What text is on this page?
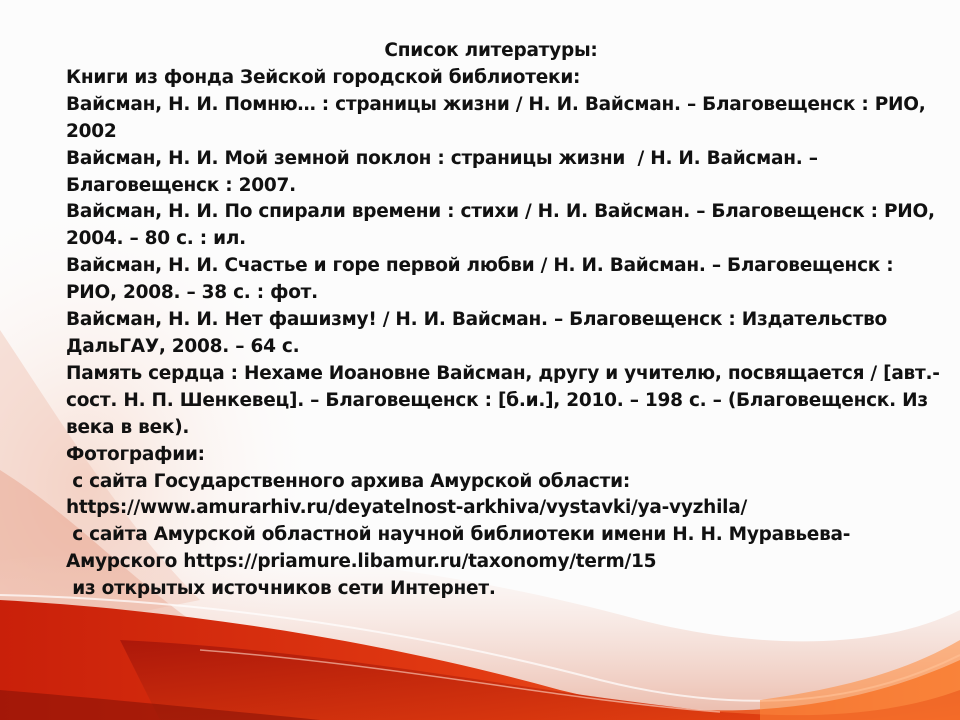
Список литературы:

Книги из фонда Зейской городской библиотеки:

Вайсман, Н. И. Помню… : страницы жизни / Н. И. Вайсман. – Благовещенск : РИО, 2002

Вайсман, Н. И. Мой земной поклон : страницы жизни  / Н. И. Вайсман. – Благовещенск : 2007.

Вайсман, Н. И. По спирали времени : стихи / Н. И. Вайсман. – Благовещенск : РИО, 2004. – 80 с. : ил.

Вайсман, Н. И. Счастье и горе первой любви / Н. И. Вайсман. – Благовещенск : РИО, 2008. – 38 с. : фот.

Вайсман, Н. И. Нет фашизму! / Н. И. Вайсман. – Благовещенск : Издательство ДальГАУ, 2008. – 64 с.

Память сердца : Нехаме Иоановне Вайсман, другу и учителю, посвящается / [авт.-сост. Н. П. Шенкевец]. – Благовещенск : [б.и.], 2010. – 198 с. – (Благовещенск. Из века в век).

Фотографии:

с сайта Государственного архива Амурской области: https://www.amurarhiv.ru/deyatelnost-arkhiva/vystavki/ya-vyzhila/

с сайта Амурской областной научной библиотеки имени Н. Н. Муравьева-Амурского https://priamure.libamur.ru/taxonomy/term/15

из открытых источников сети Интернет.
